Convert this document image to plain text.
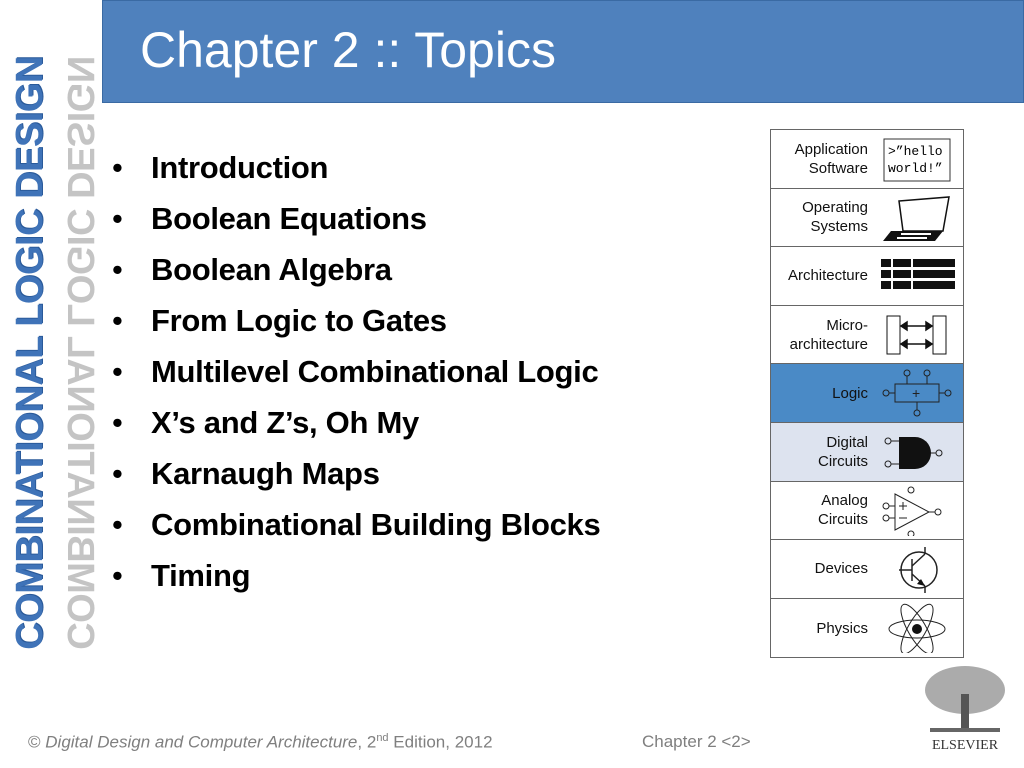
COMBINATIONAL LOGIC DESIGN COMBINATIONAL LOGIC DESIGN
Chapter 2 :: Topics
• Introduction
• Boolean Equations
• Boolean Algebra
• From Logic to Gates
• Multilevel Combinational Logic
• X’s and Z’s, Oh My
• Karnaugh Maps
• Combinational Building Blocks
• Timing
Application
Software
>”hello
world!”
Operating
Systems
Architecture
Micro-
architecture
Logic	+
Digital
Circuits
Analog
Circuits
Devices
Physics
© Digital Design and Computer Architecture, 2nd Edition, 2012	Chapter 2 <2>	ELSEVIER
